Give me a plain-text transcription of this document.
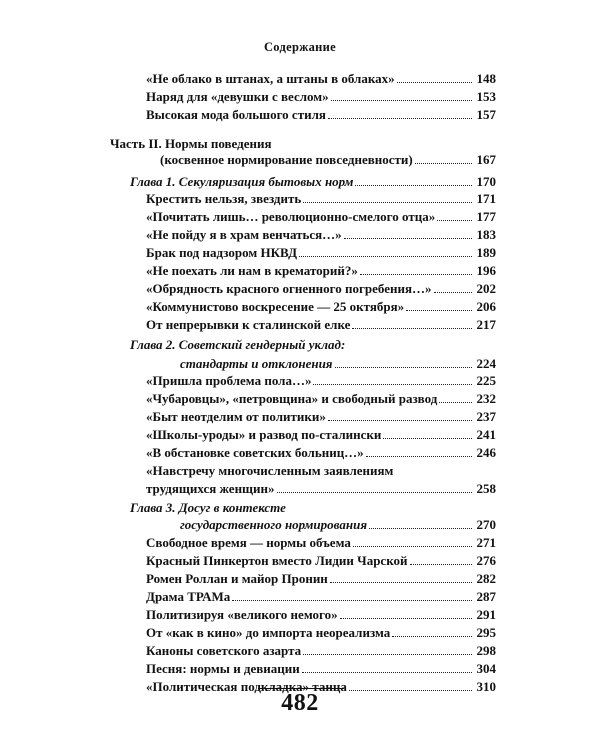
Содержание
«Не облако в штанах, а штаны в облаках»	148
Наряд для «девушки с веслом»	153
Высокая мода большого стиля	157
Часть II. Нормы поведения
(косвенное нормирование повседневности)	167
Глава 1. Секуляризация бытовых норм	170
Крестить нельзя, звездить	171
«Почитать лишь… революционно-смелого отца»	177
«Не пойду я в храм венчаться…»	183
Брак под надзором НКВД	189
«Не поехать ли нам в крематорий?»	196
«Обрядность красного огненного погребения…»	202
«Коммунистово воскресение — 25 октября»	206
От непрерывки к сталинской елке	217
Глава 2. Советский гендерный уклад:
стандарты и отклонения	224
«Пришла проблема пола…»	225
«Чубаровцы», «петровщина» и свободный развод	232
«Быт неотделим от политики»	237
«Школы-уроды» и развод по-сталински	241
«В обстановке советских больниц…»	246
«Навстречу многочисленным заявлениям
трудящихся женщин»	258
Глава 3. Досуг в контексте
государственного нормирования	270
Свободное время — нормы объема	271
Красный Пинкертон вместо Лидии Чарской	276
Ромен Роллан и майор Пронин	282
Драма ТРАМа	287
Политизируя «великого немого»	291
От «как в кино» до импорта неореализма	295
Каноны советского азарта	298
Песня: нормы и девиации	304
«Политическая подкладка» танца	310
482
